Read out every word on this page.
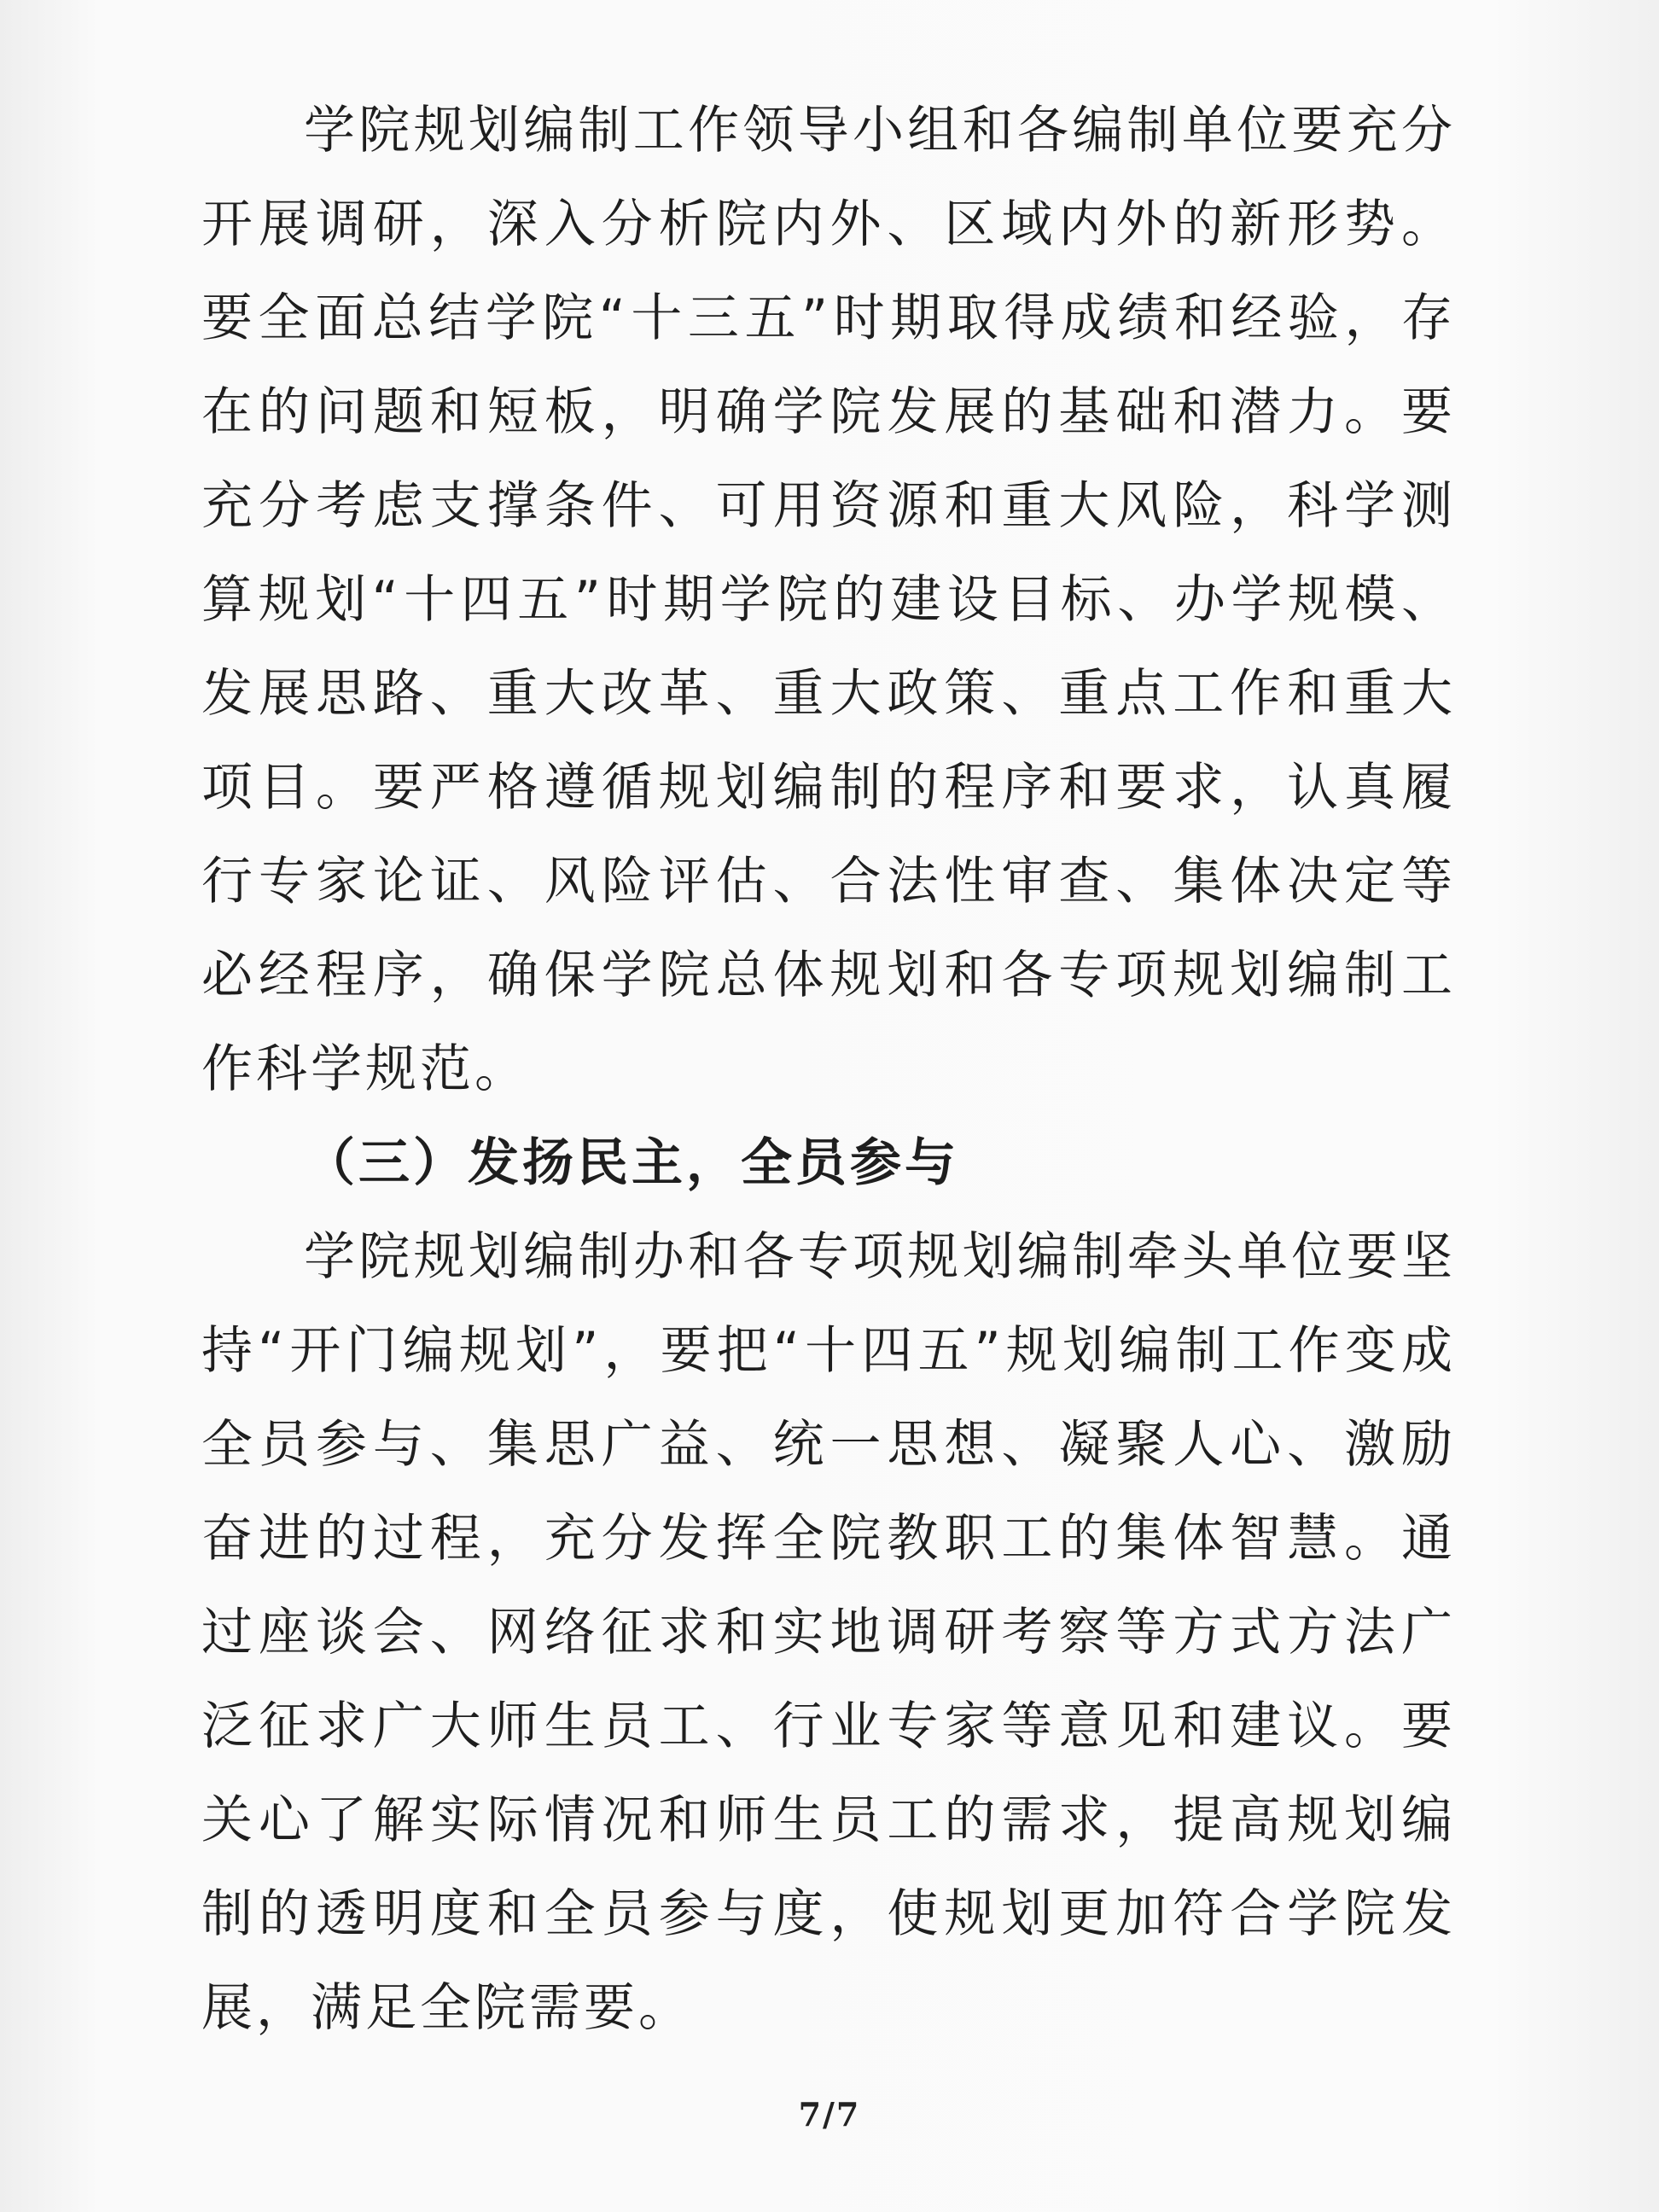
学院规划编制工作领导小组和各编制单位要充分开展调研，深入分析院内外、区域内外的新形势。要全面总结学院“十三五”时期取得成绩和经验，存在的问题和短板，明确学院发展的基础和潜力。要充分考虑支撑条件、可用资源和重大风险，科学测算规划“十四五”时期学院的建设目标、办学规模、发展思路、重大改革、重大政策、重点工作和重大项目。要严格遵循规划编制的程序和要求，认真履行专家论证、风险评估、合法性审查、集体决定等必经程序，确保学院总体规划和各专项规划编制工作科学规范。

（三）发扬民主，全员参与

学院规划编制办和各专项规划编制牵头单位要坚持“开门编规划”，要把“十四五”规划编制工作变成全员参与、集思广益、统一思想、凝聚人心、激励奋进的过程，充分发挥全院教职工的集体智慧。通过座谈会、网络征求和实地调研考察等方式方法广泛征求广大师生员工、行业专家等意见和建议。要关心了解实际情况和师生员工的需求，提高规划编制的透明度和全员参与度，使规划更加符合学院发展，满足全院需要。

7/7
